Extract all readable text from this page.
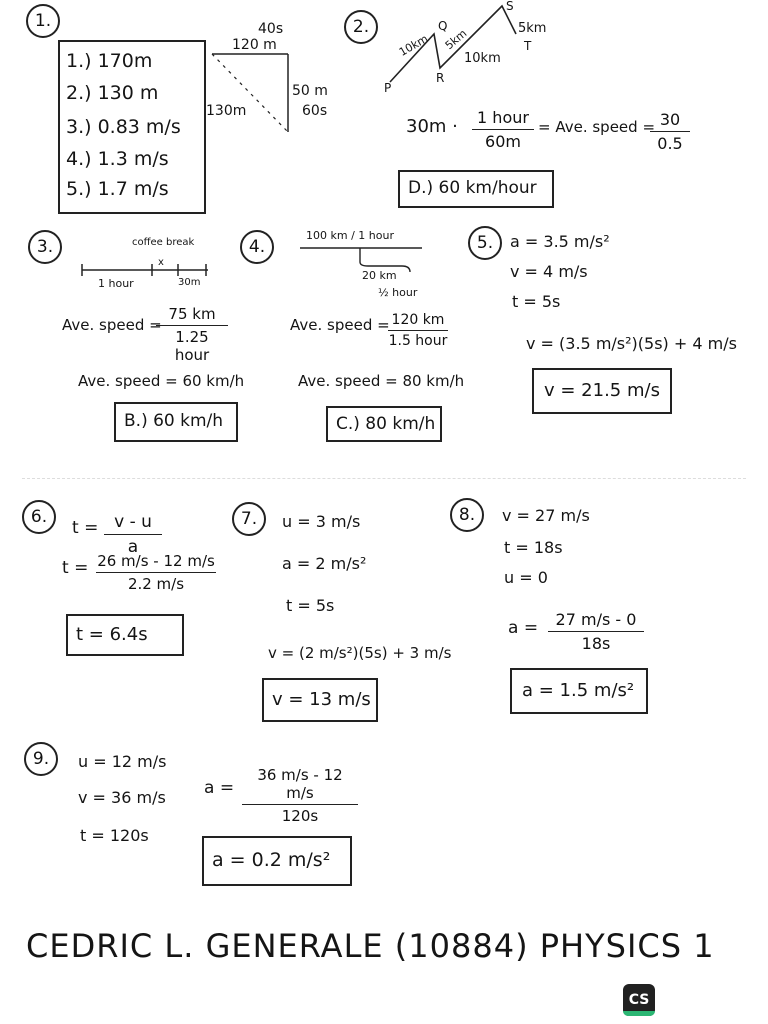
1.
1.) 170m
2.) 130 m
3.) 0.83 m/s
4.) 1.3 m/s
5.) 1.7 m/s
40s
120 m
130m
50 m
60s
2.
10km 5km
10km
5km
P
Q
R
S
T
30m ·	1 hour
60m
= Ave. speed = 30
0.5
D.) 60 km/hour
3.	coffee break
x
1 hour	30m
Ave. speed =
75 km
1.25 hour
Ave. speed = 60 km/h
B.) 60 km/h
4.
100 km / 1 hour
20 km
½ hour
Ave. speed = 120 km
1.5 hour
Ave. speed = 80 km/h
C.) 80 km/h
5.	a = 3.5 m/s²
v = 4 m/s
t = 5s
v = (3.5 m/s²)(5s) + 4 m/s
v = 21.5 m/s
6.
t = v - u
a
t = 26 m/s - 12 m/s
2.2 m/s
t = 6.4s
7.	u = 3 m/s
a = 2 m/s²
t = 5s
v = (2 m/s²)(5s) + 3 m/s
v = 13 m/s
8.	v = 27 m/s
t = 18s
u = 0
a =	27 m/s - 0
18s
a = 1.5 m/s²
9.	u = 12 m/s
v = 36 m/s
t = 120s
a =
36 m/s - 12 m/s
120s
a = 0.2 m/s²
CEDRIC L. GENERALE (10884) PHYSICS 1
CS
